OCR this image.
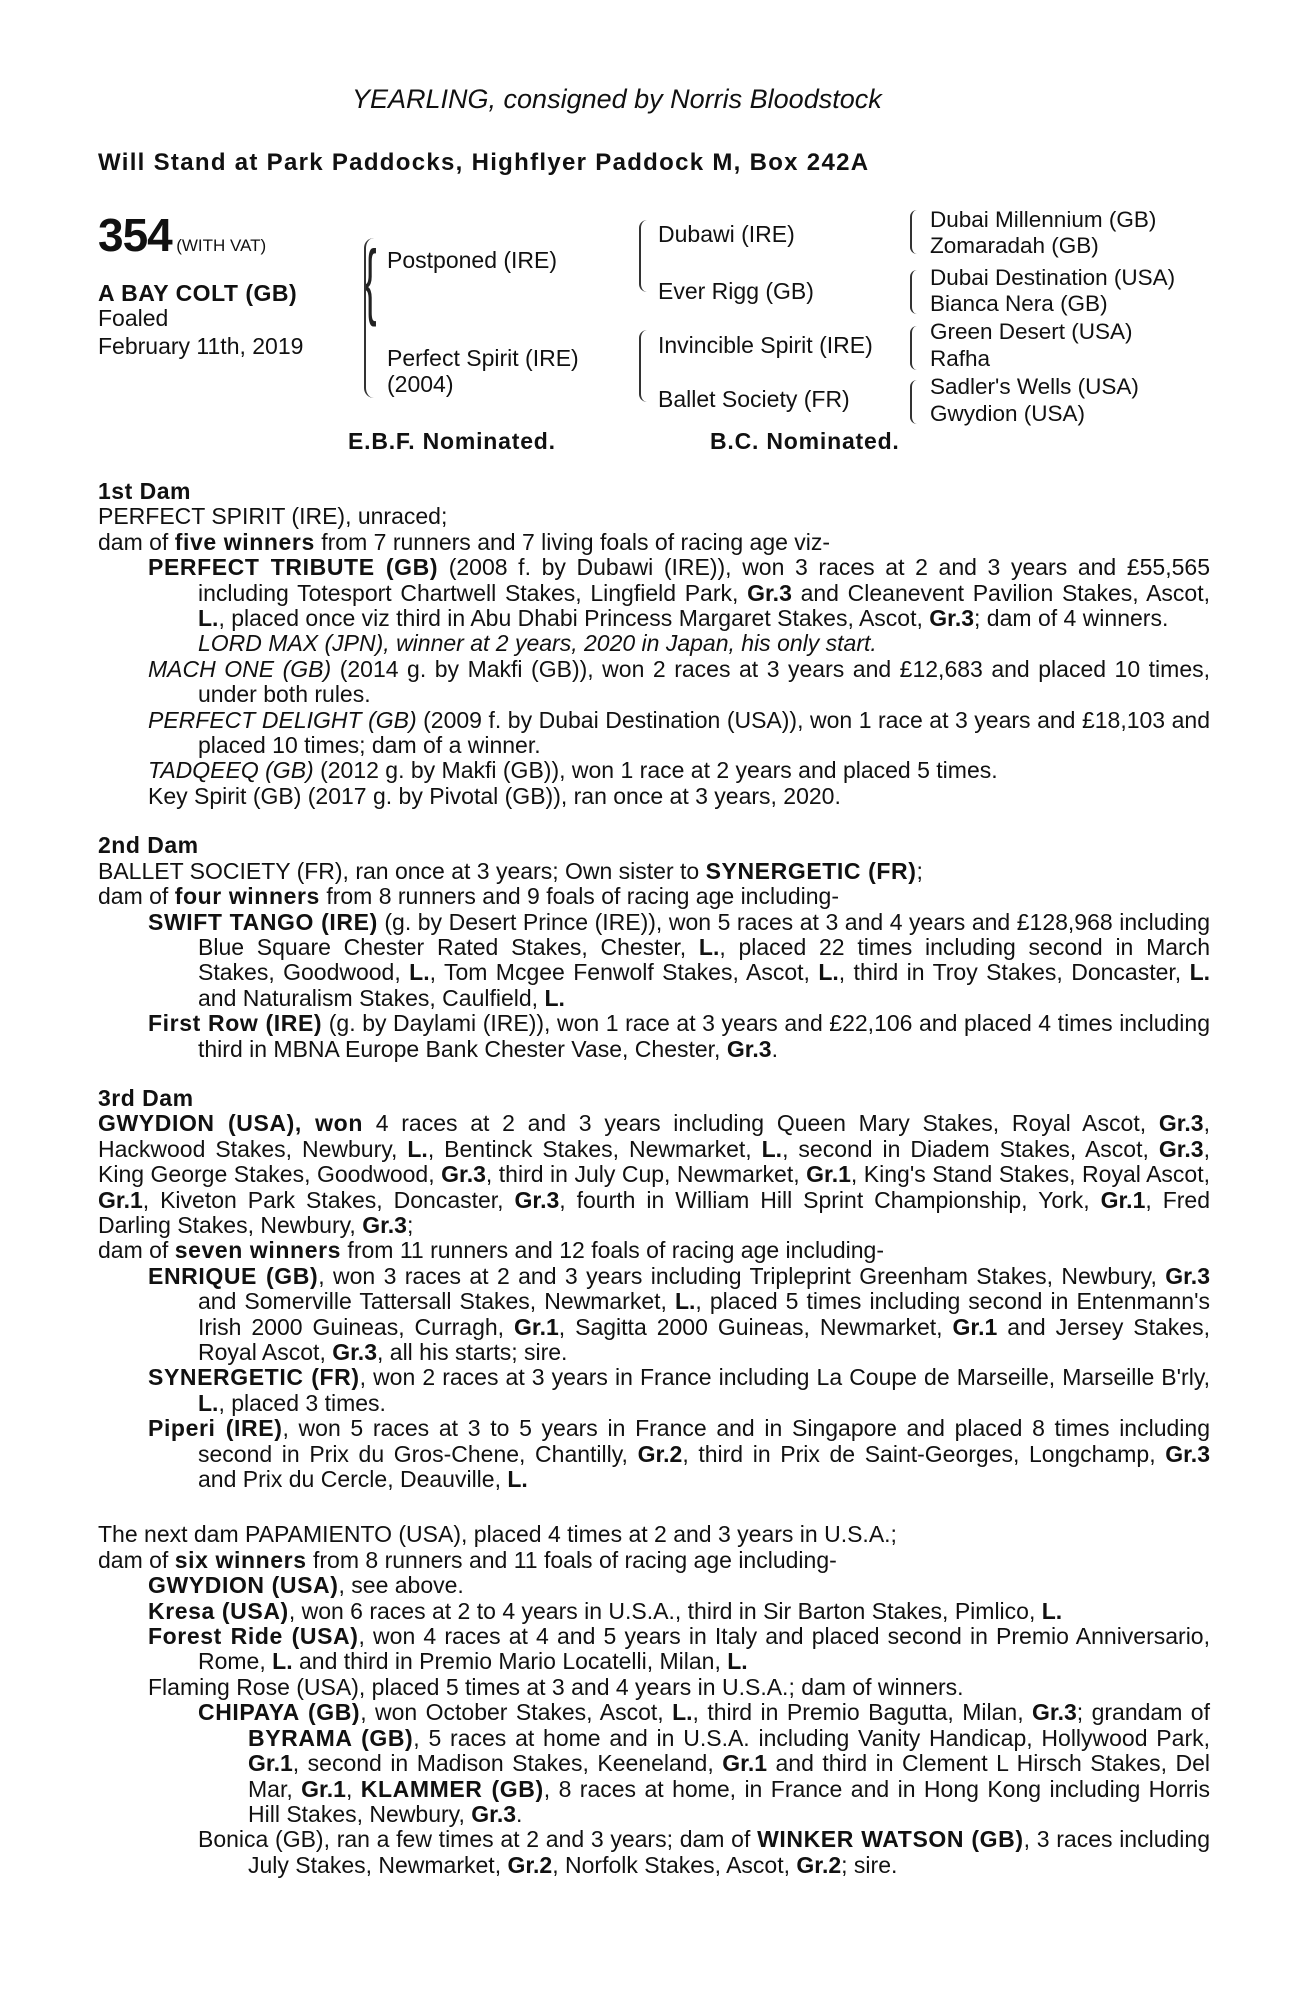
YEARLING, consigned by Norris Bloodstock
Will Stand at Park Paddocks, Highflyer Paddock M, Box 242A
354 (WITH VAT)
A BAY COLT (GB)
Foaled
February 11th, 2019
{ Postponed (IRE)
Perfect Spirit (IRE)
(2004)
Dubawi (IRE)
Ever Rigg (GB)
Invincible Spirit (IRE)
Ballet Society (FR)
Dubai Millennium (GB)
Zomaradah (GB)
Dubai Destination (USA)
Bianca Nera (GB)
Green Desert (USA)
Rafha
Sadler's Wells (USA)
Gwydion (USA)
E.B.F. Nominated.	B.C. Nominated.

1st Dam

PERFECT SPIRIT (IRE), unraced;

dam of five winners from 7 runners and 7 living foals of racing age viz-

PERFECT TRIBUTE (GB) (2008 f. by Dubawi (IRE)), won 3 races at 2 and 3 years and £55,565 including Totesport Chartwell Stakes, Lingfield Park, Gr.3 and Cleanevent Pavilion Stakes, Ascot, L., placed once viz third in Abu Dhabi Princess Margaret Stakes, Ascot, Gr.3; dam of 4 winners.

LORD MAX (JPN), winner at 2 years, 2020 in Japan, his only start.

MACH ONE (GB) (2014 g. by Makfi (GB)), won 2 races at 3 years and £12,683 and placed 10 times, under both rules.

PERFECT DELIGHT (GB) (2009 f. by Dubai Destination (USA)), won 1 race at 3 years and £18,103 and placed 10 times; dam of a winner.

TADQEEQ (GB) (2012 g. by Makfi (GB)), won 1 race at 2 years and placed 5 times.

Key Spirit (GB) (2017 g. by Pivotal (GB)), ran once at 3 years, 2020.

2nd Dam

BALLET SOCIETY (FR), ran once at 3 years; Own sister to SYNERGETIC (FR);

dam of four winners from 8 runners and 9 foals of racing age including-

SWIFT TANGO (IRE) (g. by Desert Prince (IRE)), won 5 races at 3 and 4 years and £128,968 including Blue Square Chester Rated Stakes, Chester, L., placed 22 times including second in March Stakes, Goodwood, L., Tom Mcgee Fenwolf Stakes, Ascot, L., third in Troy Stakes, Doncaster, L. and Naturalism Stakes, Caulfield, L.

First Row (IRE) (g. by Daylami (IRE)), won 1 race at 3 years and £22,106 and placed 4 times including third in MBNA Europe Bank Chester Vase, Chester, Gr.3.

3rd Dam

GWYDION (USA), won 4 races at 2 and 3 years including Queen Mary Stakes, Royal Ascot, Gr.3, Hackwood Stakes, Newbury, L., Bentinck Stakes, Newmarket, L., second in Diadem Stakes, Ascot, Gr.3, King George Stakes, Goodwood, Gr.3, third in July Cup, Newmarket, Gr.1, King's Stand Stakes, Royal Ascot, Gr.1, Kiveton Park Stakes, Doncaster, Gr.3, fourth in William Hill Sprint Championship, York, Gr.1, Fred Darling Stakes, Newbury, Gr.3;

dam of seven winners from 11 runners and 12 foals of racing age including-

ENRIQUE (GB), won 3 races at 2 and 3 years including Tripleprint Greenham Stakes, Newbury, Gr.3 and Somerville Tattersall Stakes, Newmarket, L., placed 5 times including second in Entenmann's Irish 2000 Guineas, Curragh, Gr.1, Sagitta 2000 Guineas, Newmarket, Gr.1 and Jersey Stakes, Royal Ascot, Gr.3, all his starts; sire.

SYNERGETIC (FR), won 2 races at 3 years in France including La Coupe de Marseille, Marseille B'rly, L., placed 3 times.

Piperi (IRE), won 5 races at 3 to 5 years in France and in Singapore and placed 8 times including second in Prix du Gros-Chene, Chantilly, Gr.2, third in Prix de Saint-Georges, Longchamp, Gr.3 and Prix du Cercle, Deauville, L.

The next dam PAPAMIENTO (USA), placed 4 times at 2 and 3 years in U.S.A.;

dam of six winners from 8 runners and 11 foals of racing age including-

GWYDION (USA), see above.

Kresa (USA), won 6 races at 2 to 4 years in U.S.A., third in Sir Barton Stakes, Pimlico, L.

Forest Ride (USA), won 4 races at 4 and 5 years in Italy and placed second in Premio Anniversario, Rome, L. and third in Premio Mario Locatelli, Milan, L.

Flaming Rose (USA), placed 5 times at 3 and 4 years in U.S.A.; dam of winners.

CHIPAYA (GB), won October Stakes, Ascot, L., third in Premio Bagutta, Milan, Gr.3; grandam of BYRAMA (GB), 5 races at home and in U.S.A. including Vanity Handicap, Hollywood Park, Gr.1, second in Madison Stakes, Keeneland, Gr.1 and third in Clement L Hirsch Stakes, Del Mar, Gr.1, KLAMMER (GB), 8 races at home, in France and in Hong Kong including Horris Hill Stakes, Newbury, Gr.3.

Bonica (GB), ran a few times at 2 and 3 years; dam of WINKER WATSON (GB), 3 races including July Stakes, Newmarket, Gr.2, Norfolk Stakes, Ascot, Gr.2; sire.
